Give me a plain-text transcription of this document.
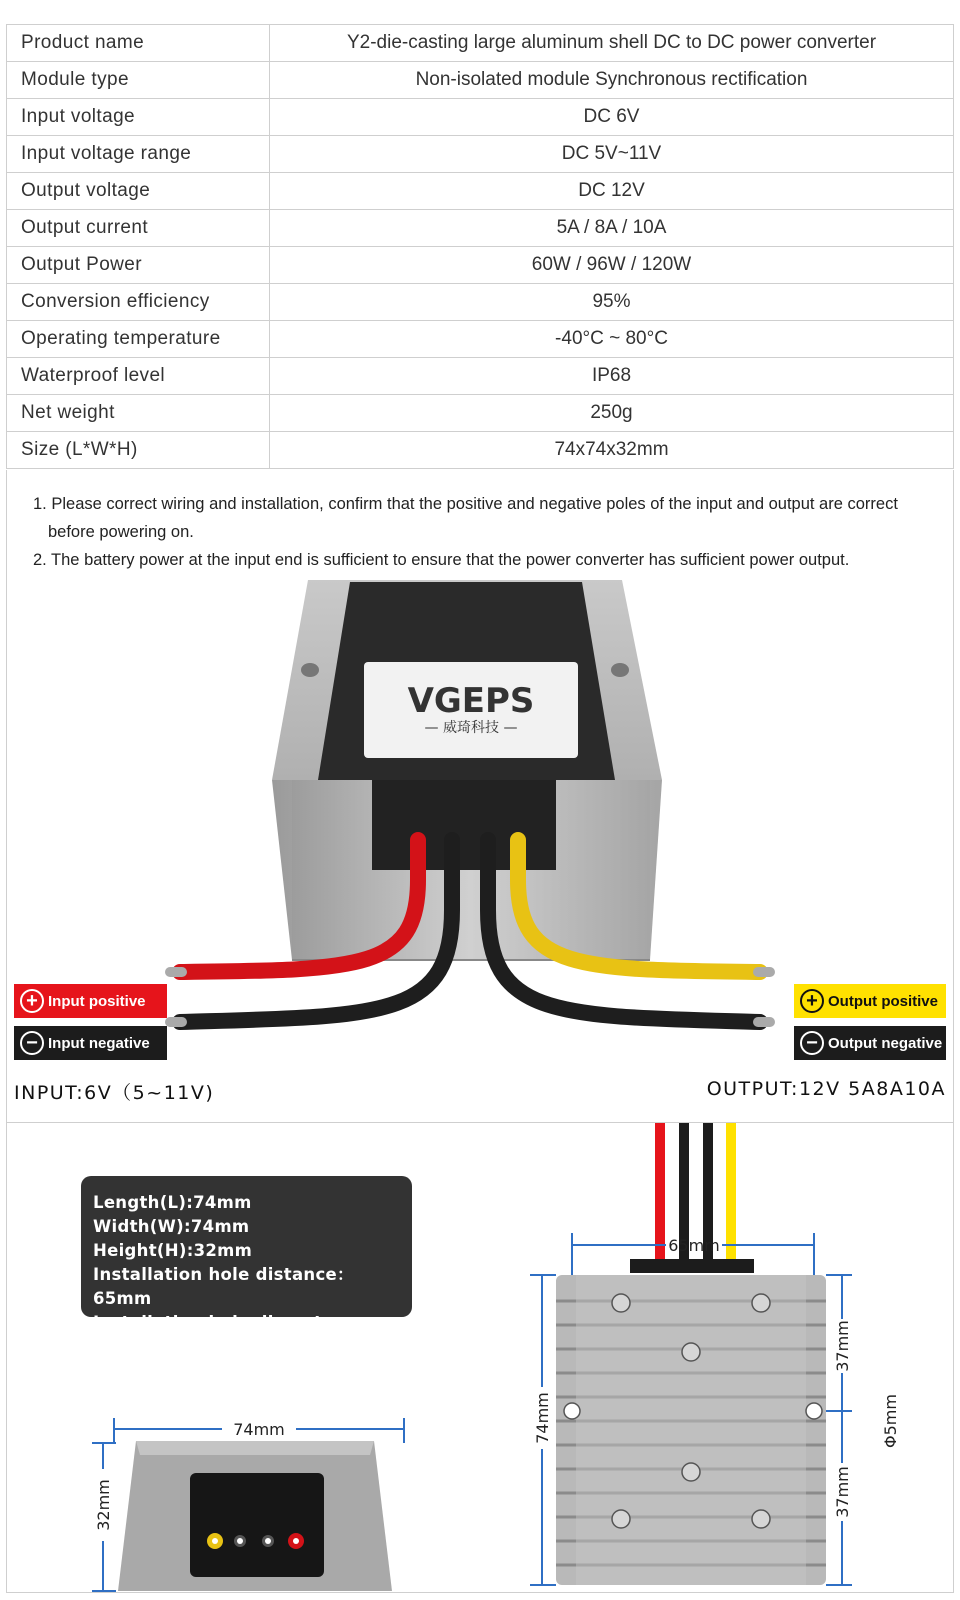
Product name	Y2-die-casting large aluminum shell DC to DC power converter
Module type	Non-isolated module Synchronous rectification
Input voltage	DC 6V
Input voltage range	DC 5V~11V
Output voltage	DC 12V
Output current	5A / 8A / 10A
Output Power	60W / 96W / 120W
Conversion efficiency	95%
Operating temperature	-40°C ~ 80°C
Waterproof level	IP68
Net weight	250g
Size (L*W*H)	74x74x32mm
1. Please correct wiring and installation, confirm that the positive and negative poles of the input and output are correct before powering on.
2. The battery power at the input end is sufficient to ensure that the power converter has sufficient power output.
VGEPS
— 威琦科技 —
+ Input positive
− Input negative
+ Output positive
− Output negative
INPUT:6V（5~11V)	OUTPUT:12V 5A8A10A
Length(L):74mm
Width(W):74mm
Height(H):32mm
Installation hole distance：65mm
Installation hole diameter：5mm
74mm
32mm
65mm
74mm
37mm
37mm
Φ5mm
